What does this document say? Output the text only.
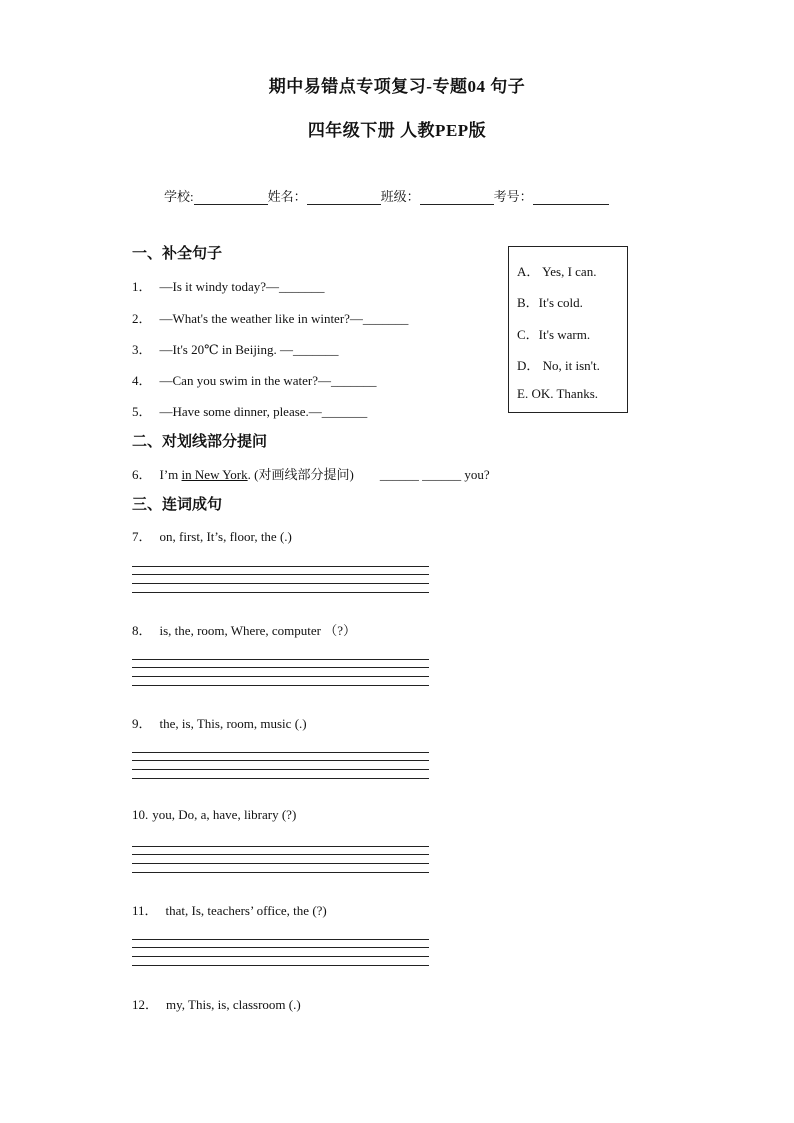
期中易错点专项复习-专题04 句子
四年级下册 人教PEP版
学校:	姓名：	班级：	考号：
一、补全句子
1． —Is it windy today?—_______
2． —What's the weather like in winter?—_______
3． —It's 20℃ in Beijing. —_______
4． —Can you swim in the water?—_______
5． —Have some dinner, please.—_______
A． Yes, I can.
B．It's cold.
C．It's warm.
D． No, it isn't.
E. OK. Thanks.
二、对划线部分提问
6． I’m in New York. (对画线部分提问) ______ ______ you?
三、连词成句
7． on, first, It’s, floor, the (.)
8． is, the, room, Where, computer （?）
9． the, is, This, room, music (.)
10. you, Do, a, have, library (?)
11． that, Is, teachers’ office, the (?)
12． my, This, is, classroom (.)
